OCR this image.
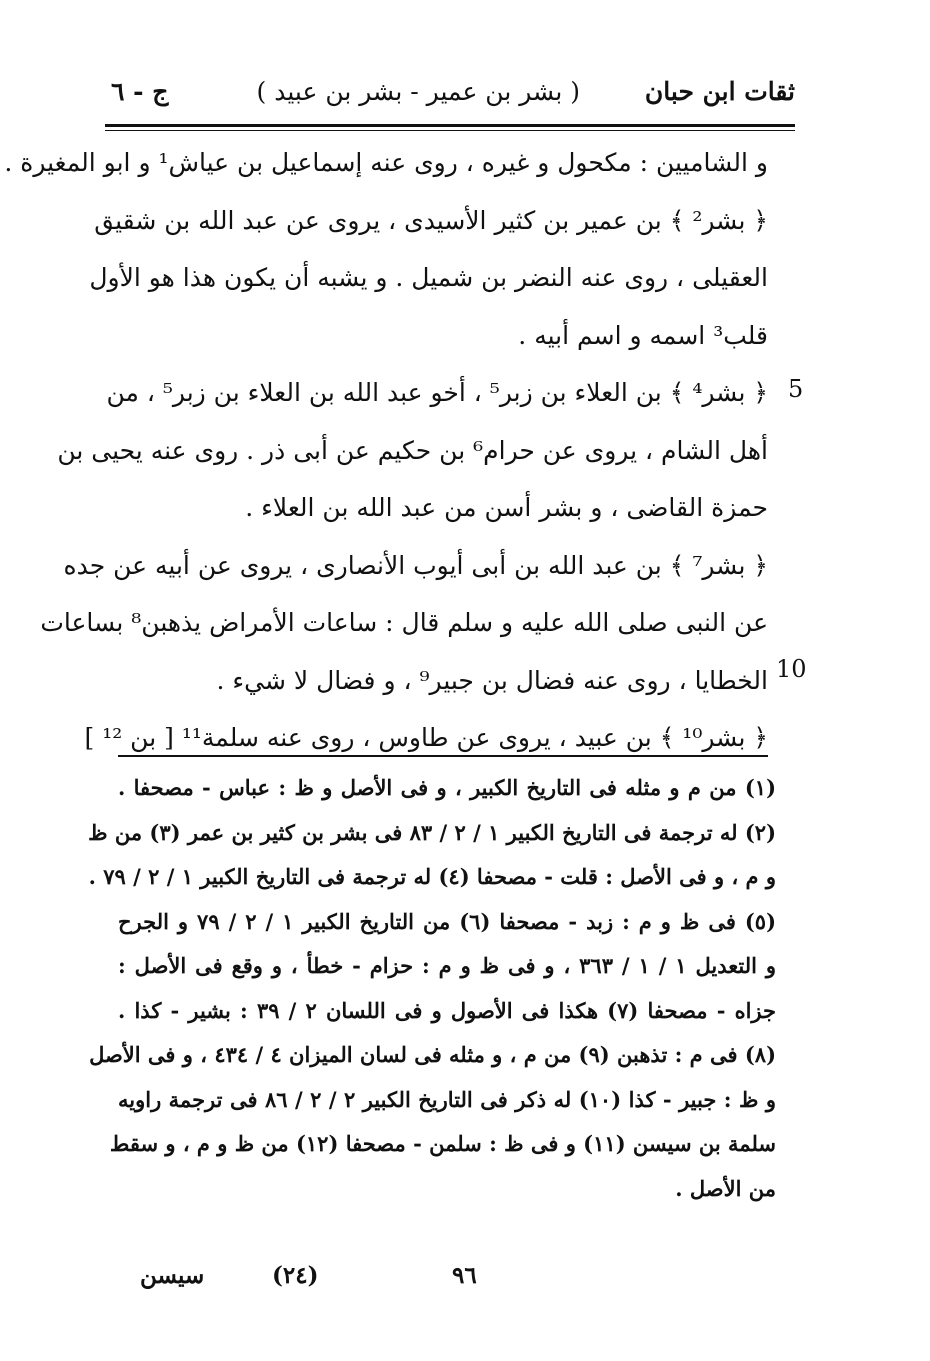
ثقات ابن حبان
( بشر بن عمير - بشر بن عبيد )
ج - ٦
و الشاميين : مكحول و غيره ، روى عنه إسماعيل بن عياش¹ و ابو المغيرة .
﴿ بشر² ﴾ بن عمير بن كثير الأسيدى ، يروى عن عبد الله بن شقيق
العقيلى ، روى عنه النضر بن شميل . و يشبه أن يكون هذا هو الأول
قلب³ اسمه و اسم أبيه .
﴿ بشر⁴ ﴾ بن العلاء بن زبر⁵ ، أخو عبد الله بن العلاء بن زبر⁵ ، من
أهل الشام ، يروى عن حرام⁶ بن حكيم عن أبى ذر . روى عنه يحيى بن
حمزة القاضى ، و بشر أسن من عبد الله بن العلاء .
﴿ بشر⁷ ﴾ بن عبد الله بن أبى أيوب الأنصارى ، يروى عن أبيه عن جده
عن النبى صلى الله عليه و سلم قال : ساعات الأمراض يذهبن⁸ بساعات
الخطايا ، روى عنه فضال بن جبير⁹ ، و فضال لا شيء .
﴿ بشر¹⁰ ﴾ بن عبيد ، يروى عن طاوس ، روى عنه سلمة¹¹ [ بن ¹² ]
5
10
(١) من م و مثله فى التاريخ الكبير ، و فى الأصل و ظ : عباس - مصحفا .
(٢) له ترجمة فى التاريخ الكبير ١ / ٢ / ٨٣ فى بشر بن كثير بن عمر (٣) من ظ
و م ، و فى الأصل : قلت - مصحفا (٤) له ترجمة فى التاريخ الكبير ١ / ٢ / ٧٩ .
(٥) فى ظ و م : زبد - مصحفا (٦) من التاريخ الكبير ١ / ٢ / ٧٩ و الجرح
و التعديل ١ / ١ / ٣٦٣ ، و فى ظ و م : حزام - خطأ ، و وقع فى الأصل :
جزاه - مصحفا (٧) هكذا فى الأصول و فى اللسان ٢ / ٣٩ : بشير - كذا .
(٨) فى م : تذهبن (٩) من م ، و مثله فى لسان الميزان ٤ / ٤٣٤ ، و فى الأصل
و ظ : جبير - كذا (١٠) له ذكر فى التاريخ الكبير ٢ / ٢ / ٨٦ فى ترجمة راويه
سلمة بن سيسن (١١) و فى ظ : سلمن - مصحفا (١٢) من ظ و م ، و سقط
من الأصل .
سيسن	(٢٤)	٩٦
